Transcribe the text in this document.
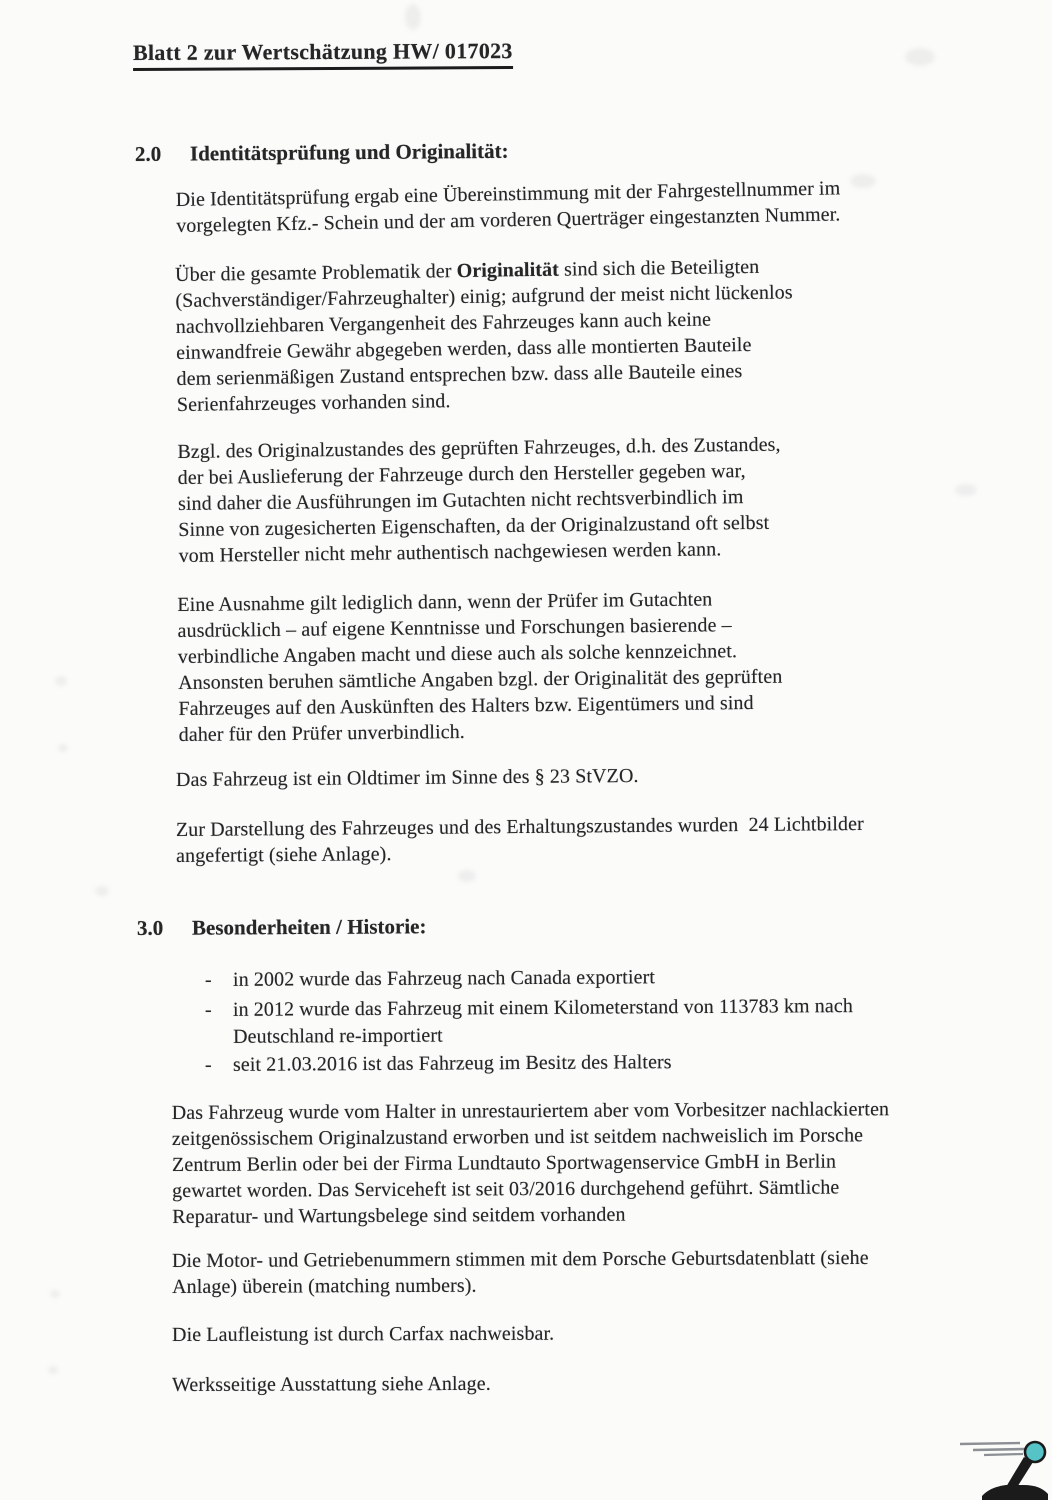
Blatt 2 zur Wertschätzung HW/ 017023
2.0	Identitätsprüfung und Originalität:
Die Identitätsprüfung ergab eine Übereinstimmung mit der Fahrgestellnummer im
vorgelegten Kfz.- Schein und der am vorderen Querträger eingestanzten Nummer.
Über die gesamte Problematik der Originalität sind sich die Beteiligten
(Sachverständiger/Fahrzeughalter) einig; aufgrund der meist nicht lückenlos
nachvollziehbaren Vergangenheit des Fahrzeuges kann auch keine
einwandfreie Gewähr abgegeben werden, dass alle montierten Bauteile
dem serienmäßigen Zustand entsprechen bzw. dass alle Bauteile eines
Serienfahrzeuges vorhanden sind.
Bzgl. des Originalzustandes des geprüften Fahrzeuges, d.h. des Zustandes,
der bei Auslieferung der Fahrzeuge durch den Hersteller gegeben war,
sind daher die Ausführungen im Gutachten nicht rechtsverbindlich im
Sinne von zugesicherten Eigenschaften, da der Originalzustand oft selbst
vom Hersteller nicht mehr authentisch nachgewiesen werden kann.
Eine Ausnahme gilt lediglich dann, wenn der Prüfer im Gutachten
ausdrücklich – auf eigene Kenntnisse und Forschungen basierende –
verbindliche Angaben macht und diese auch als solche kennzeichnet.
Ansonsten beruhen sämtliche Angaben bzgl. der Originalität des geprüften
Fahrzeuges auf den Auskünften des Halters bzw. Eigentümers und sind
daher für den Prüfer unverbindlich.
Das Fahrzeug ist ein Oldtimer im Sinne des § 23 StVZO.
Zur Darstellung des Fahrzeuges und des Erhaltungszustandes wurden  24 Lichtbilder
angefertigt (siehe Anlage).
3.0	Besonderheiten / Historie:
-	in 2002 wurde das Fahrzeug nach Canada exportiert
-	in 2012 wurde das Fahrzeug mit einem Kilometerstand von 113783 km nach
Deutschland re-importiert
-	seit 21.03.2016 ist das Fahrzeug im Besitz des Halters
Das Fahrzeug wurde vom Halter in unrestauriertem aber vom Vorbesitzer nachlackierten
zeitgenössischem Originalzustand erworben und ist seitdem nachweislich im Porsche
Zentrum Berlin oder bei der Firma Lundtauto Sportwagenservice GmbH in Berlin
gewartet worden. Das Serviceheft ist seit 03/2016 durchgehend geführt. Sämtliche
Reparatur- und Wartungsbelege sind seitdem vorhanden
Die Motor- und Getriebenummern stimmen mit dem Porsche Geburtsdatenblatt (siehe
Anlage) überein (matching numbers).
Die Laufleistung ist durch Carfax nachweisbar.
Werksseitige Ausstattung siehe Anlage.
